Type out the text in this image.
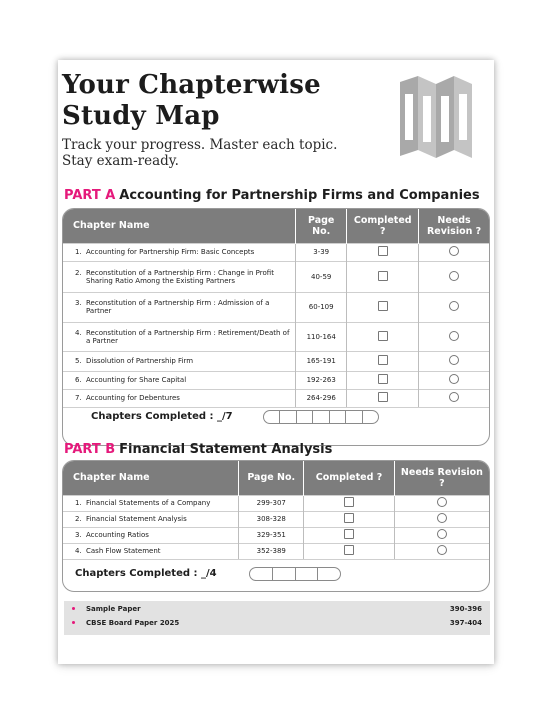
Your Chapterwise
Study Map
Track your progress. Master each topic.
Stay exam-ready.
PART A Accounting for Partnership Firms and Companies
Chapter Name	Page No.	Completed ?	Needs Revision ?
1. Accounting for Partnership Firm: Basic Concepts	3-39		
2. Reconstitution of a Partnership Firm : Change in Profit Sharing Ratio Among the Existing Partners	40-59		
3. Reconstitution of a Partnership Firm : Admission of a Partner	60-109		
4. Reconstitution of a Partnership Firm : Retirement/Death of a Partner	110-164		
5. Dissolution of Partnership Firm	165-191		
6. Accounting for Share Capital	192-263		
7. Accounting for Debentures	264-296		
Chapters Completed : _/7
PART B Financial Statement Analysis
Chapter Name	Page No.	Completed ?	Needs Revision ?
1. Financial Statements of a Company	299-307		
2. Financial Statement Analysis	308-328		
3. Accounting Ratios	329-351		
4. Cash Flow Statement	352-389		
Chapters Completed : _/4
Sample Paper	390-396
CBSE Board Paper 2025	397-404
